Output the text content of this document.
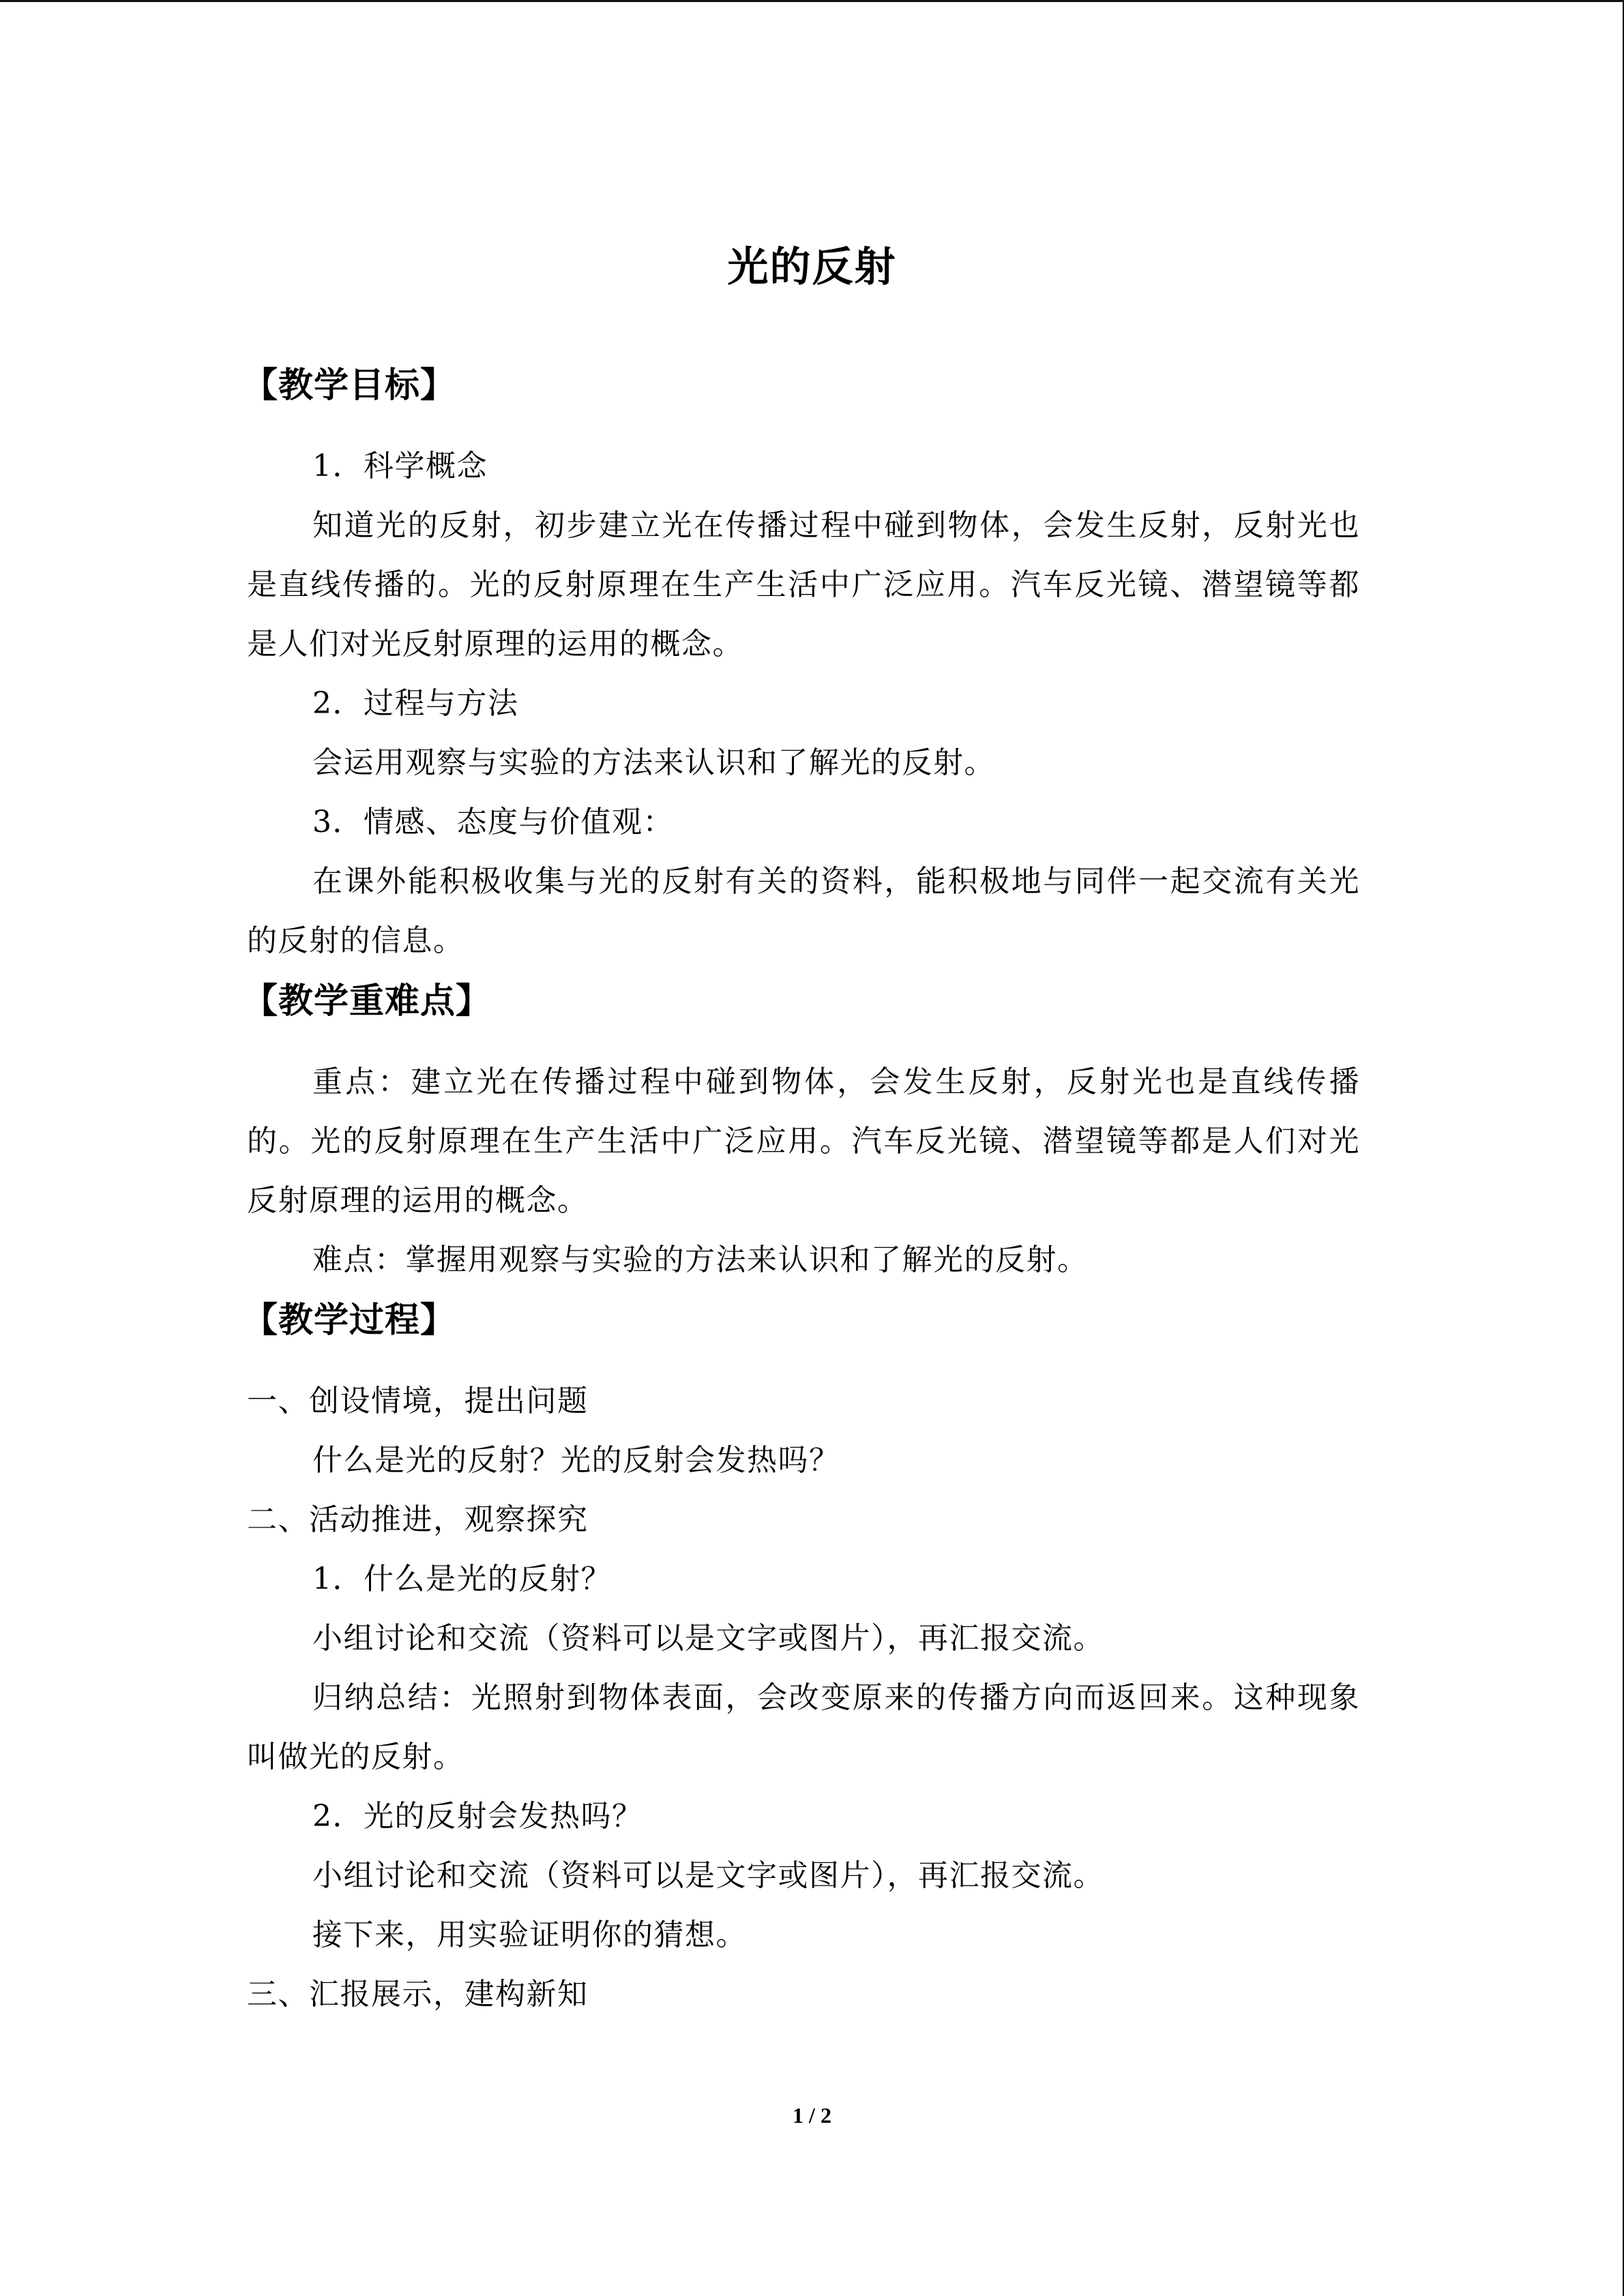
光的反射
【教学目标】

1．科学概念

知道光的反射，初步建立光在传播过程中碰到物体，会发生反射，反射光也是直线传播的。光的反射原理在生产生活中广泛应用。汽车反光镜、潜望镜等都是人们对光反射原理的运用的概念。

2．过程与方法

会运用观察与实验的方法来认识和了解光的反射。

3．情感、态度与价值观：

在课外能积极收集与光的反射有关的资料，能积极地与同伴一起交流有关光的反射的信息。

【教学重难点】

重点：建立光在传播过程中碰到物体，会发生反射，反射光也是直线传播的。光的反射原理在生产生活中广泛应用。汽车反光镜、潜望镜等都是人们对光反射原理的运用的概念。

难点：掌握用观察与实验的方法来认识和了解光的反射。

【教学过程】

一、创设情境，提出问题

什么是光的反射？光的反射会发热吗？

二、活动推进，观察探究

1．什么是光的反射？

小组讨论和交流（资料可以是文字或图片），再汇报交流。

归纳总结：光照射到物体表面，会改变原来的传播方向而返回来。这种现象叫做光的反射。

2．光的反射会发热吗？

小组讨论和交流（资料可以是文字或图片），再汇报交流。

接下来，用实验证明你的猜想。

三、汇报展示，建构新知

1 / 2
